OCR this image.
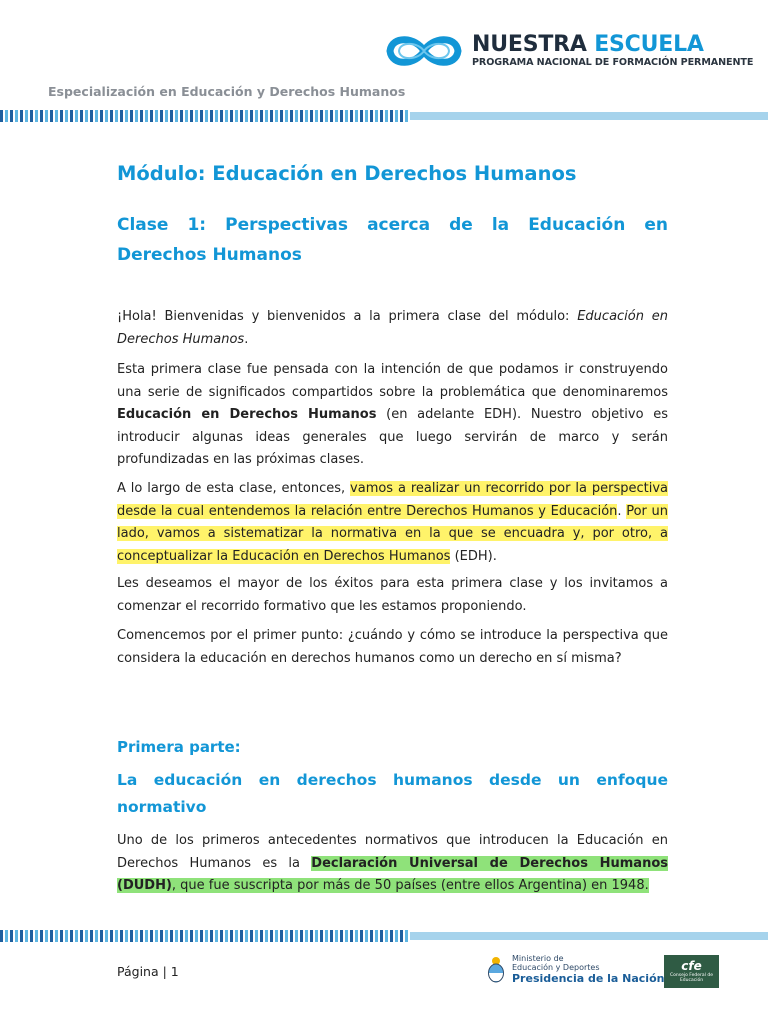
NUESTRA ESCUELA
PROGRAMA NACIONAL DE FORMACIÓN PERMANENTE
Especialización en Educación y Derechos Humanos
Módulo: Educación en Derechos Humanos
Clase 1: Perspectivas acerca de la Educación en Derechos Humanos
¡Hola! Bienvenidas y bienvenidos a la primera clase del módulo: Educación en Derechos Humanos.
Esta primera clase fue pensada con la intención de que podamos ir construyendo una serie de significados compartidos sobre la problemática que denominaremos Educación en Derechos Humanos (en adelante EDH). Nuestro objetivo es introducir algunas ideas generales que luego servirán de marco y serán profundizadas en las próximas clases.
A lo largo de esta clase, entonces, vamos a realizar un recorrido por la perspectiva desde la cual entendemos la relación entre Derechos Humanos y Educación. Por un lado, vamos a sistematizar la normativa en la que se encuadra y, por otro, a conceptualizar la Educación en Derechos Humanos (EDH).
Les deseamos el mayor de los éxitos para esta primera clase y los invitamos a comenzar el recorrido formativo que les estamos proponiendo.
Comencemos por el primer punto: ¿cuándo y cómo se introduce la perspectiva que considera la educación en derechos humanos como un derecho en sí misma?
Primera parte:
La educación en derechos humanos desde un enfoque normativo
Uno de los primeros antecedentes normativos que introducen la Educación en Derechos Humanos es la Declaración Universal de Derechos Humanos (DUDH), que fue suscripta por más de 50 países (entre ellos Argentina) en 1948.
Página | 1
Ministerio de
Educación y Deportes
Presidencia de la Nación
cfe
Consejo Federal de Educación
